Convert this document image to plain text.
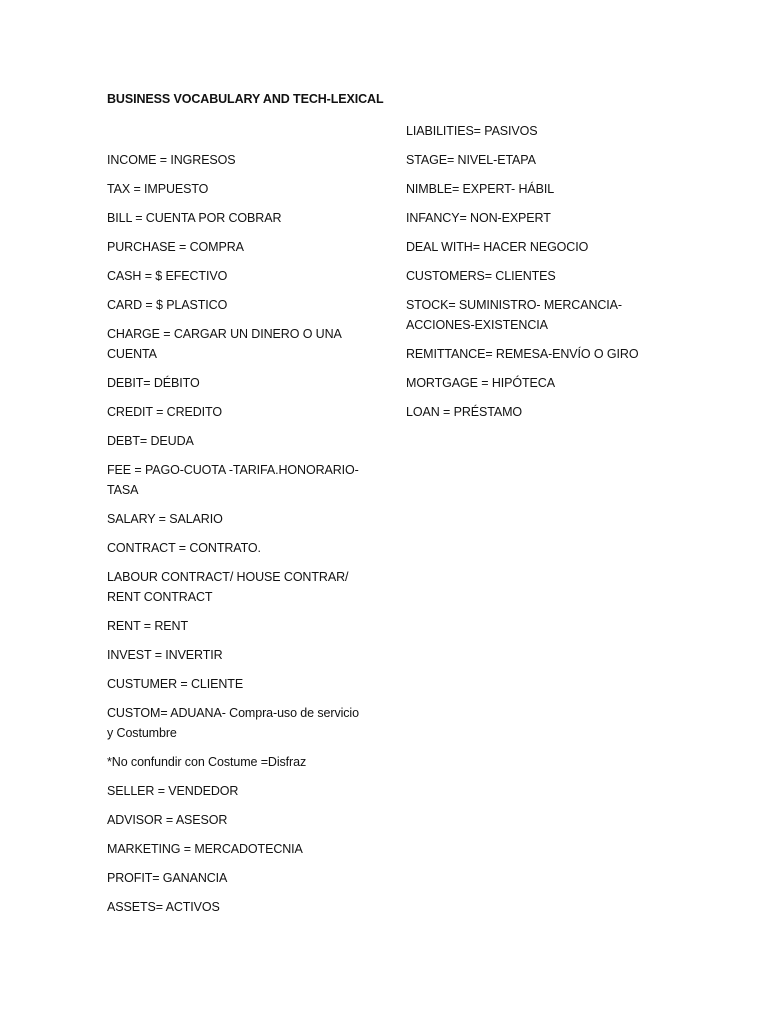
BUSINESS VOCABULARY AND TECH-LEXICAL
INCOME = INGRESOS
TAX = IMPUESTO
BILL = CUENTA POR COBRAR
PURCHASE = COMPRA
CASH = $ EFECTIVO
CARD = $ PLASTICO
CHARGE = CARGAR UN DINERO O UNA CUENTA
DEBIT= DÉBITO
CREDIT = CREDITO
DEBT= DEUDA
FEE = PAGO-CUOTA -TARIFA.HONORARIO-TASA
SALARY = SALARIO
CONTRACT = CONTRATO.
LABOUR CONTRACT/ HOUSE CONTRAR/ RENT CONTRACT
RENT = RENT
INVEST = INVERTIR
CUSTUMER = CLIENTE
CUSTOM= ADUANA- Compra-uso de servicio y Costumbre
*No confundir con Costume =Disfraz
SELLER = VENDEDOR
ADVISOR = ASESOR
MARKETING = MERCADOTECNIA
PROFIT= GANANCIA
ASSETS= ACTIVOS
LIABILITIES= PASIVOS
STAGE= NIVEL-ETAPA
NIMBLE= EXPERT- HÁBIL
INFANCY= NON-EXPERT
DEAL WITH= HACER NEGOCIO
CUSTOMERS= CLIENTES
STOCK= SUMINISTRO- MERCANCIA-ACCIONES-EXISTENCIA
REMITTANCE= REMESA-ENVÍO O GIRO
MORTGAGE = HIPÓTECA
LOAN = PRÉSTAMO
